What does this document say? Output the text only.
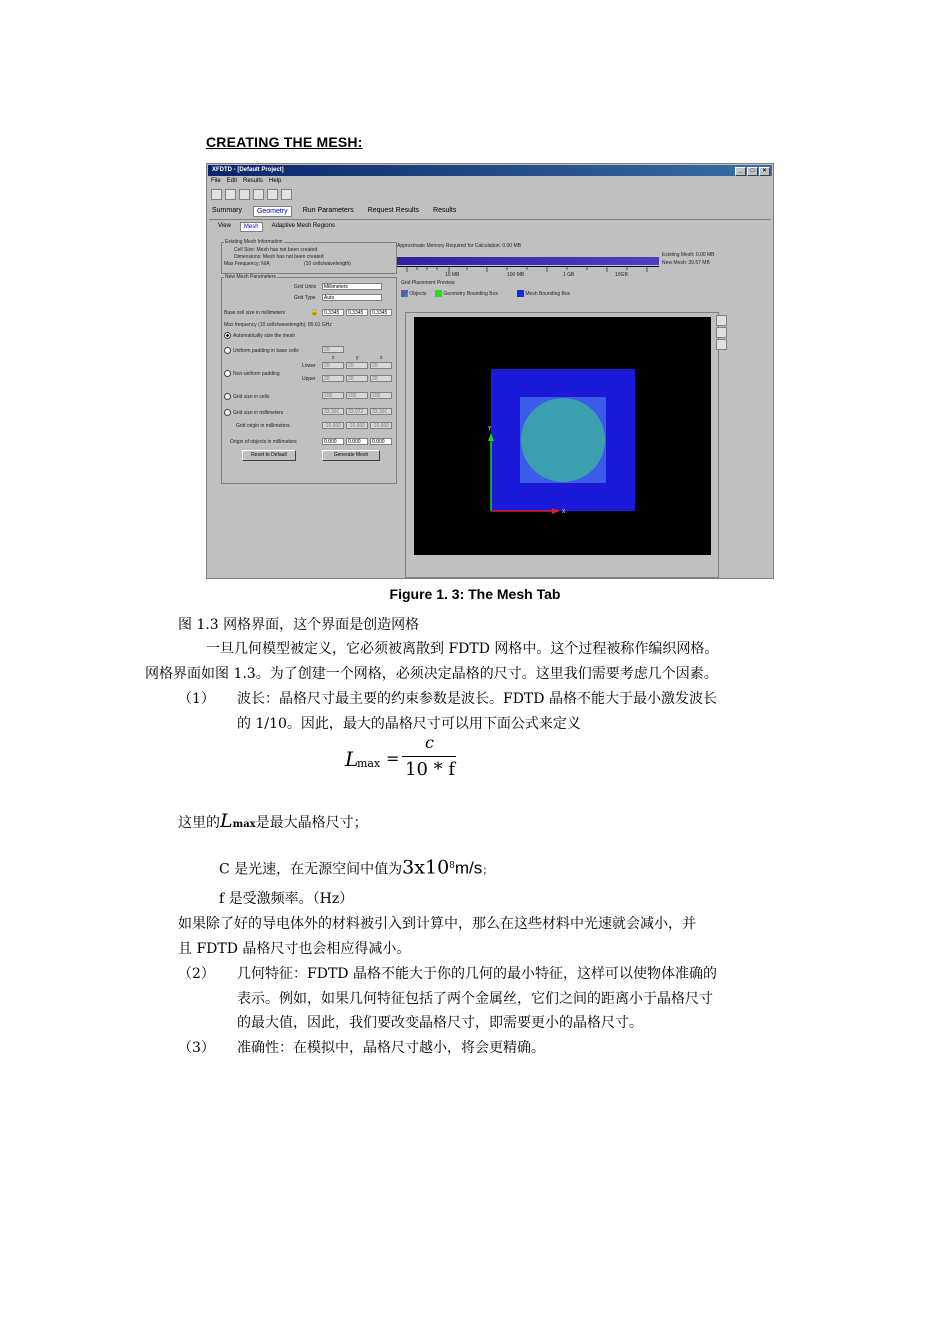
CREATING THE MESH:
XFDTD - [Default Project]	_	□	×
File Edit Results Help
Summary	Geometry	Run Parameters	Request Results	Results
View	Mesh	Adaptive Mesh Regions
Existing Mesh Information
Cell Size: Mesh has not been created
Dimensions: Mesh has not been created
Max Frequency: N/A	(10 cells/wavelength)
New Mesh Parameters
Grid Units	Millimeters
Grid Type	Auto
Base cell size in millimeters	🔒	0.3345	0.3345	0.3345
Max frequency (10 cells/wavelength): 89.61 GHz
Automatically size the mesh
Uniform padding in base cells	20
x	y	z
Lower	20	20	20
Non-uniform padding
Upper	20	20	20
Grid size in cells	100	100	100
Grid size in millimeters	33.301	33.072	33.301
Grid origin in millimeters	-16.650	-16.650	-16.650
Origin of objects in millimeters	0.000	0.000	0.000
Reset to Default	Generate Mesh
Approximate Memory Required for Calculation: 0.00 MB
Existing Mesh: 0.00 MB
New Mesh: 39.57 MB
10 MB	100 MB	1 GB	10GB
Grid Placement Preview
Objects	Geometry Bounding Box	Mesh Bounding Box
Y
X
Figure 1. 3: The Mesh Tab
图 1.3 网格界面，这个界面是创造网格
一旦几何模型被定义，它必须被离散到 FDTD 网格中。这个过程被称作编织网格。
网格界面如图 1.3。为了创建一个网格，必须决定晶格的尺寸。这里我们需要考虑几个因素。
（1） 波长：晶格尺寸最主要的约束参数是波长。FDTD 晶格不能大于最小激发波长
的 1/10。因此，最大的晶格尺寸可以用下面公式来定义
L
max =
c
10 * f
这里的Lmax是最大晶格尺寸；
C 是光速，在无源空间中值为$3x10^8m/s$；
f 是受激频率。（Hz）
如果除了好的导电体外的材料被引入到计算中，那么在这些材料中光速就会减小，并
且 FDTD 晶格尺寸也会相应得减小。
（2） 几何特征：FDTD 晶格不能大于你的几何的最小特征，这样可以使物体准确的
表示。例如，如果几何特征包括了两个金属丝，它们之间的距离小于晶格尺寸
的最大值，因此，我们要改变晶格尺寸，即需要更小的晶格尺寸。
（3） 准确性：在模拟中，晶格尺寸越小，将会更精确。
